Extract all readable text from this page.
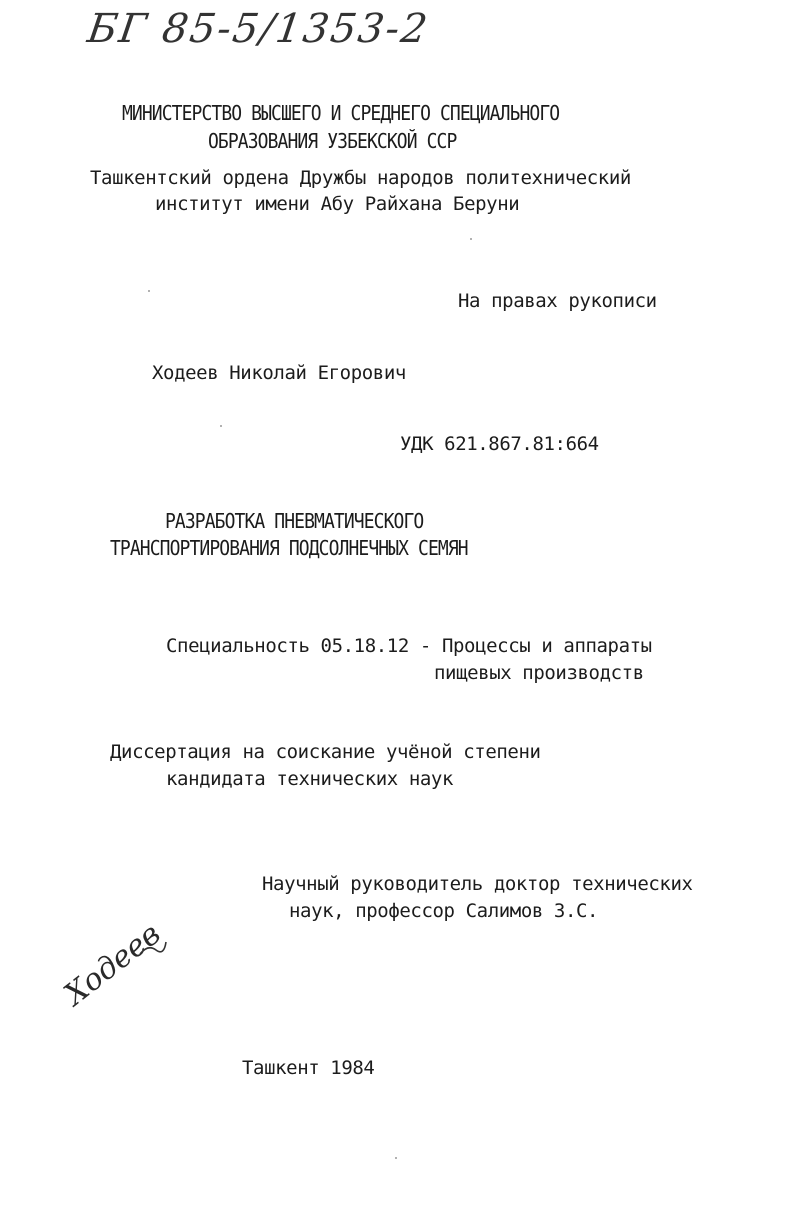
БГ 85-5/1353-2
МИНИСТЕРСТВО ВЫСШЕГО И СРЕДНЕГО СПЕЦИАЛЬНОГО
ОБРАЗОВАНИЯ УЗБЕКСКОЙ ССР
Ташкентский ордена Дружбы народов политехнический
институт имени Абу Райхана Беруни
На правах рукописи
Ходеев Николай Егорович
УДК 621.867.81:664
РАЗРАБОТКА ПНЕВМАТИЧЕСКОГО
ТРАНСПОРТИРОВАНИЯ ПОДСОЛНЕЧНЫХ СЕМЯН
Специальность 05.18.12 - Процессы и аппараты
пищевых производств
Диссертация на соискание учёной степени
кандидата технических наук
Научный руководитель доктор технических
наук, профессор Салимов З.С.
Ходеев
Ташкент 1984
